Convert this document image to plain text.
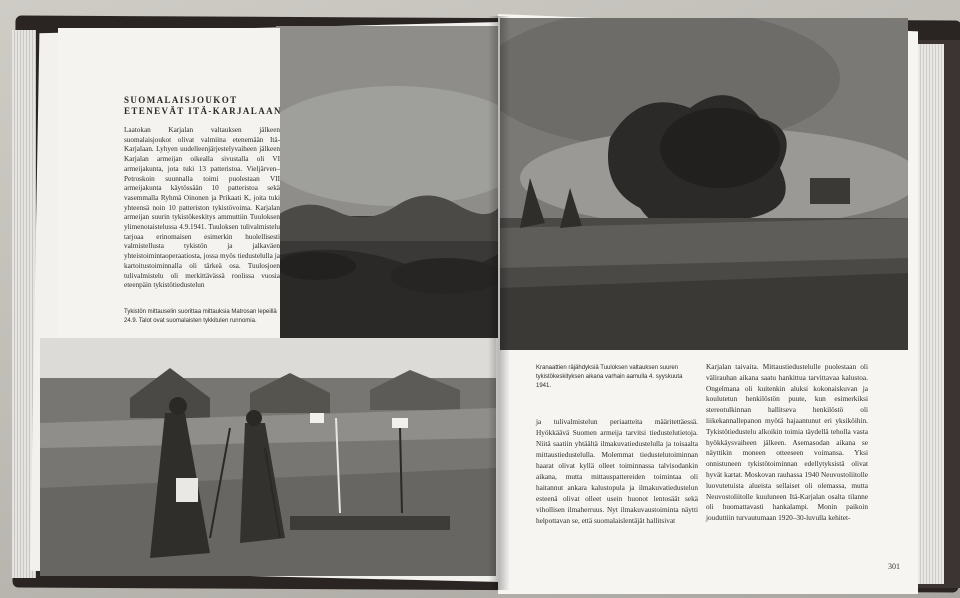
SUOMALAISJOUKOT ETENEVÄT ITÄ-KARJALAAN

Laatokan Karjalan valtauksen jälkeen suomalaisjoukot olivat valmiina etenemään Itä-Karjalaan. Lyhyen uudelleenjärjestelyvaiheen jälkeen Karjalan armeijan oikealla sivustalla oli VI armeijakunta, jota tuki 13 patteristoa. Vieljärven–Petroskoin suunnalla toimi puolestaan VII armeijakunta käytössään 10 patteristoa sekä vasemmalla Ryhmä Oinonen ja Prikaati K, joita tuki yhteensä noin 10 patteriston tykistövoima. Karjalan armeijan suurin tykistökeskitys ammuttiin Tuuloksen ylimenotaistelussa 4.9.1941. Tuuloksen tulivalmistelu tarjoaa erinomaisen esimerkin huolellisesti valmistellusta tykistön ja jalkaväen yhteistoimintaoperaatiosta, jossa myös tiedustelulla ja kartoitustoiminnalla oli tärkeä osa. Tuulosjoen tulivalmistelu oli merkittävässä roolissa vuosia eteenpäin tykistötiedustelun

Tykistön mittauselin suorittaa mittauksia Matrosan lepeillä 24.9. Talot ovat suomalaisten tykkitulen runnomia.

Kranaattien räjähdyksiä Tuuloksen valtauksen suuren tykistökeskityksen aikana varhain aamulla 4. syyskuuta 1941.

ja tulivalmistelun periaatteita määritettäessä. Hyökkäävä Suomen armeija tarvitsi tiedustelutietoja. Niitä saatiin yhtäältä ilmakuvatiedustelulla ja toisaalta mittaustiedustelulla. Molemmat tiedustelutoiminnan haarat olivat kyllä olleet toiminnassa talvisodankin aikana, mutta mittauspattereiden toimintaa oli haitannut ankara kalustopula ja ilmakuvatiedustelun esteenä olivat olleet usein huonot lentosäät sekä vihollisen ilmaherruus. Nyt ilmakuvaustoiminta näytti helpottavan se, että suomalaislentäjät hallitsivat

Karjalan taivaita. Mittaustiedustelulle puolestaan oli välirauhan aikana saatu hankittua tarvittavaa kalustoa. Ongelmana oli kuitenkin aluksi kokonaiskuvan ja koulutetun henkilöstön puute, kun esimerkiksi stereotulkinnan hallitseva henkilöstö oli liikekannallepanon myötä hajaantunut eri yksiköihin. Tykistötiedustelu alkoikin toimia täydellä teholla vasta hyökkäysvaiheen jälkeen. Asemasodan aikana se näyttikin moneen otteeseen voimansa. Yksi onnistuneen tykistötoiminnan edellytyksistä olivat hyvät kartat. Moskovan rauhassa 1940 Neuvostoliitolle luovutetuista alueista sellaiset oli olemassa, mutta Neuvostoliitolle kuuluneen Itä-Karjalan osalta tilanne oli huomattavasti hankalampi. Monin paikoin jouduttiin turvautumaan 1920–30-luvulla kehitet-

301
